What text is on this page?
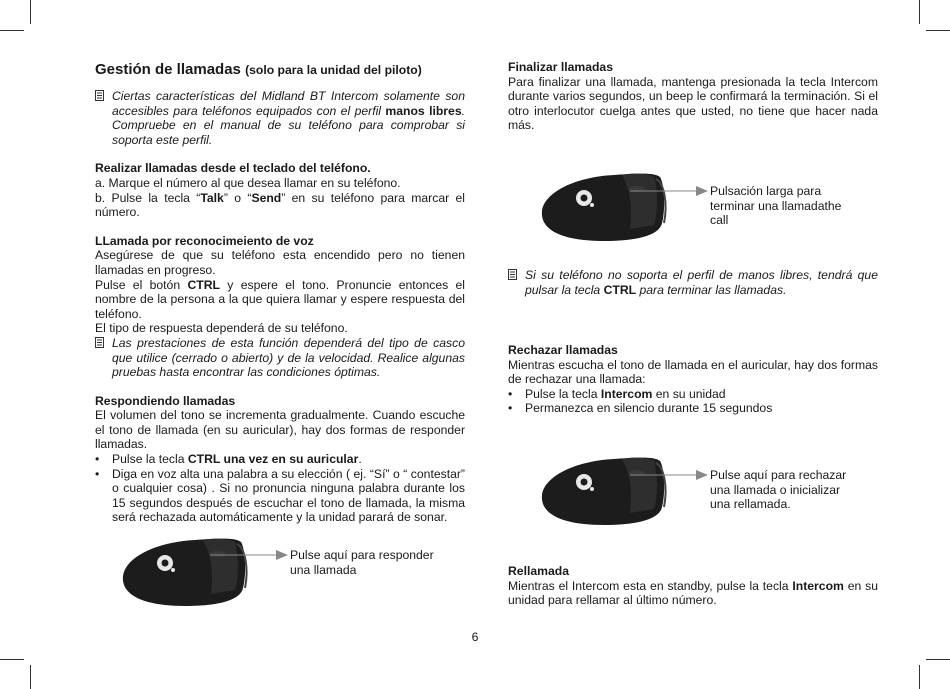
Gestión de llamadas (solo para la unidad del piloto)
Ciertas características del Midland BT Intercom solamente son accesibles para teléfonos equipados con el perfil manos libres. Compruebe en el manual de su teléfono para comprobar si soporta este perfil.

Realizar llamadas desde el teclado del teléfono.

a. Marque el número al que desea llamar en su teléfono.

b. Pulse la tecla “Talk” o “Send” en su teléfono para marcar el número.

LLamada por reconocimeiento de voz

Asegúrese de que su teléfono esta encendido pero no tienen llamadas en progreso.

Pulse el botón CTRL y espere el tono. Pronuncie entonces el nombre de la persona a la que quiera llamar y espere respuesta del teléfono.

El tipo de respuesta dependerá de su teléfono.

Las prestaciones de esta función dependerá del tipo de casco que utilice (cerrado o abierto) y de la velocidad. Realice algunas pruebas hasta encontrar las condiciones óptimas.

Respondiendo llamadas

El volumen del tono se incrementa gradualmente. Cuando escuche el tono de llamada (en su auricular), hay dos formas de responder llamadas.

• Pulse la tecla CTRL una vez en su auricular.
• Diga en voz alta una palabra a su elección ( ej. “Sí” o “ contestar” o cualquier cosa) . Si no pronuncia ninguna palabra durante los 15 segundos después de escuchar el tono de llamada, la misma será rechazada automáticamente y la unidad parará de sonar.

Finalizar llamadas

Para finalizar una llamada, mantenga presionada la tecla Intercom durante varios segundos, un beep le confirmará la terminación. Si el otro interlocutor cuelga antes que usted, no tiene que hacer nada más.

Si su teléfono no soporta el perfil de manos libres, tendrá que pulsar la tecla CTRL para terminar las llamadas.

Rechazar llamadas

Mientras escucha el tono de llamada en el auricular, hay dos formas de rechazar una llamada:

• Pulse la tecla Intercom en su unidad
• Permanezca en silencio durante 15 segundos

Rellamada

Mientras el Intercom esta en standby, pulse la tecla Intercom en su unidad para rellamar al último número.

Pulse aquí para responder una llamada
Pulsación larga para terminar una llamadathe call
Pulse aquí para rechazar una llamada o inicializar una rellamada.
6
